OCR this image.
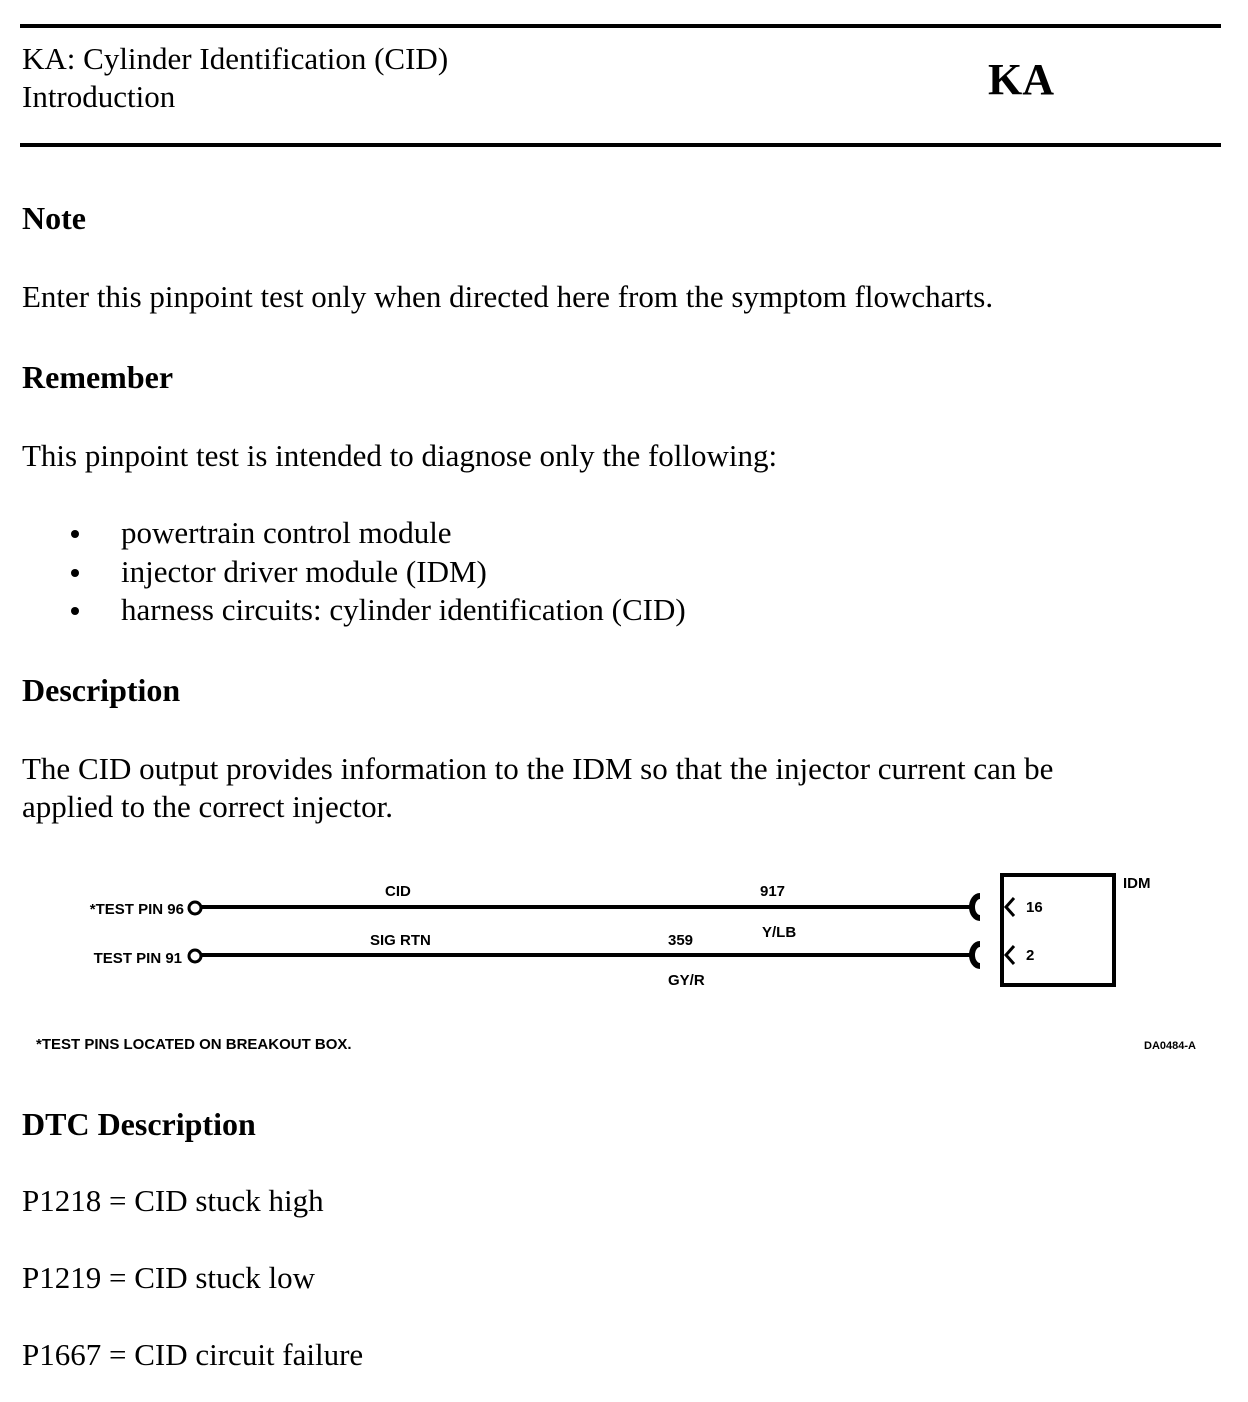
KA: Cylinder Identification (CID)
Introduction	KA
Note
Enter this pinpoint test only when directed here from the symptom flowcharts.
Remember
This pinpoint test is intended to diagnose only the following:
powertrain control module
injector driver module (IDM)
harness circuits: cylinder identification (CID)
Description
The CID output provides information to the IDM so that the injector current can be
applied to the correct injector.
*TEST PIN 96
TEST PIN 91
CID	917
Y/LB
SIG RTN	359
GY/R
IDM
16
2
*TEST PINS LOCATED ON BREAKOUT BOX.	DA0484-A
DTC Description
P1218 = CID stuck high
P1219 = CID stuck low
P1667 = CID circuit failure
